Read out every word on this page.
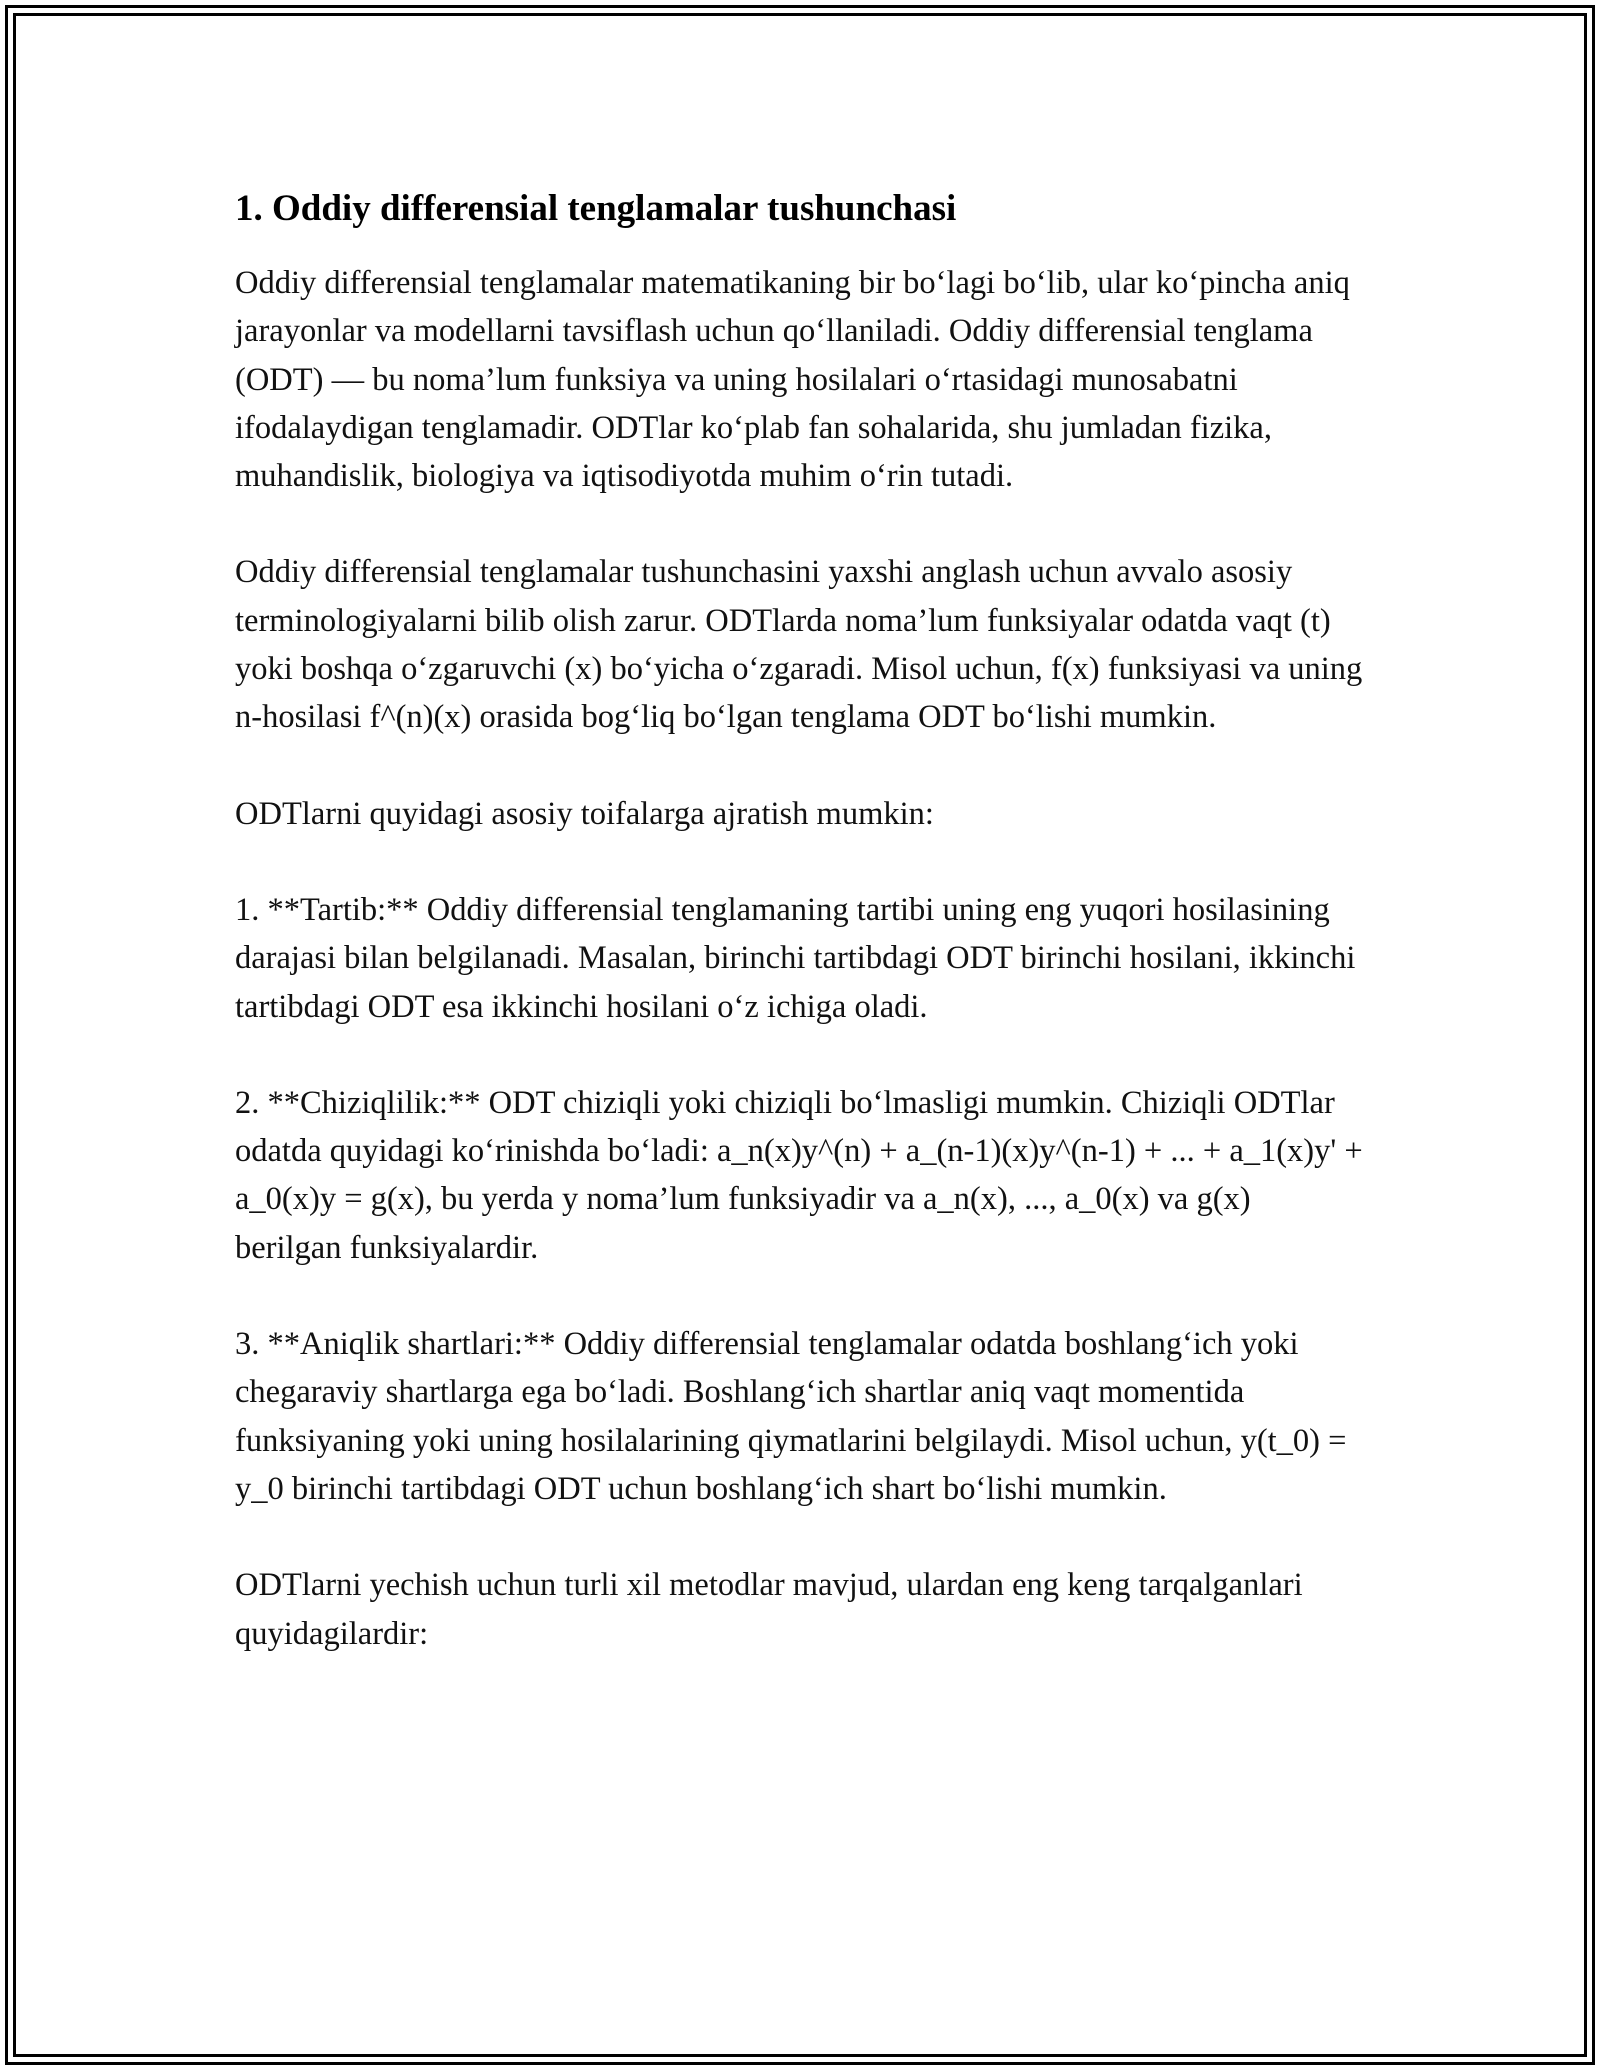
1. Oddiy differensial tenglamalar tushunchasi

Oddiy differensial tenglamalar matematikaning bir bo‘lagi bo‘lib, ular ko‘pincha aniq jarayonlar va modellarni tavsiflash uchun qo‘llaniladi. Oddiy differensial tenglama (ODT) — bu noma’lum funksiya va uning hosilalari o‘rtasidagi munosabatni ifodalaydigan tenglamadir. ODTlar ko‘plab fan sohalarida, shu jumladan fizika, muhandislik, biologiya va iqtisodiyotda muhim o‘rin tutadi.

Oddiy differensial tenglamalar tushunchasini yaxshi anglash uchun avvalo asosiy terminologiyalarni bilib olish zarur. ODTlarda noma’lum funksiyalar odatda vaqt (t) yoki boshqa o‘zgaruvchi (x) bo‘yicha o‘zgaradi. Misol uchun, f(x) funksiyasi va uning n-hosilasi f^(n)(x) orasida bog‘liq bo‘lgan tenglama ODT bo‘lishi mumkin.

ODTlarni quyidagi asosiy toifalarga ajratish mumkin:

1. **Tartib:** Oddiy differensial tenglamaning tartibi uning eng yuqori hosilasining darajasi bilan belgilanadi. Masalan, birinchi tartibdagi ODT birinchi hosilani, ikkinchi tartibdagi ODT esa ikkinchi hosilani o‘z ichiga oladi.

2. **Chiziqlilik:** ODT chiziqli yoki chiziqli bo‘lmasligi mumkin. Chiziqli ODTlar odatda quyidagi ko‘rinishda bo‘ladi: a_n(x)y^(n) + a_(n-1)(x)y^(n-1) + ... + a_1(x)y' + a_0(x)y = g(x), bu yerda y noma’lum funksiyadir va a_n(x), ..., a_0(x) va g(x) berilgan funksiyalardir.

3. **Aniqlik shartlari:** Oddiy differensial tenglamalar odatda boshlang‘ich yoki chegaraviy shartlarga ega bo‘ladi. Boshlang‘ich shartlar aniq vaqt momentida funksiyaning yoki uning hosilalarining qiymatlarini belgilaydi. Misol uchun, y(t_0) = y_0 birinchi tartibdagi ODT uchun boshlang‘ich shart bo‘lishi mumkin.

ODTlarni yechish uchun turli xil metodlar mavjud, ulardan eng keng tarqalganlari quyidagilardir:
